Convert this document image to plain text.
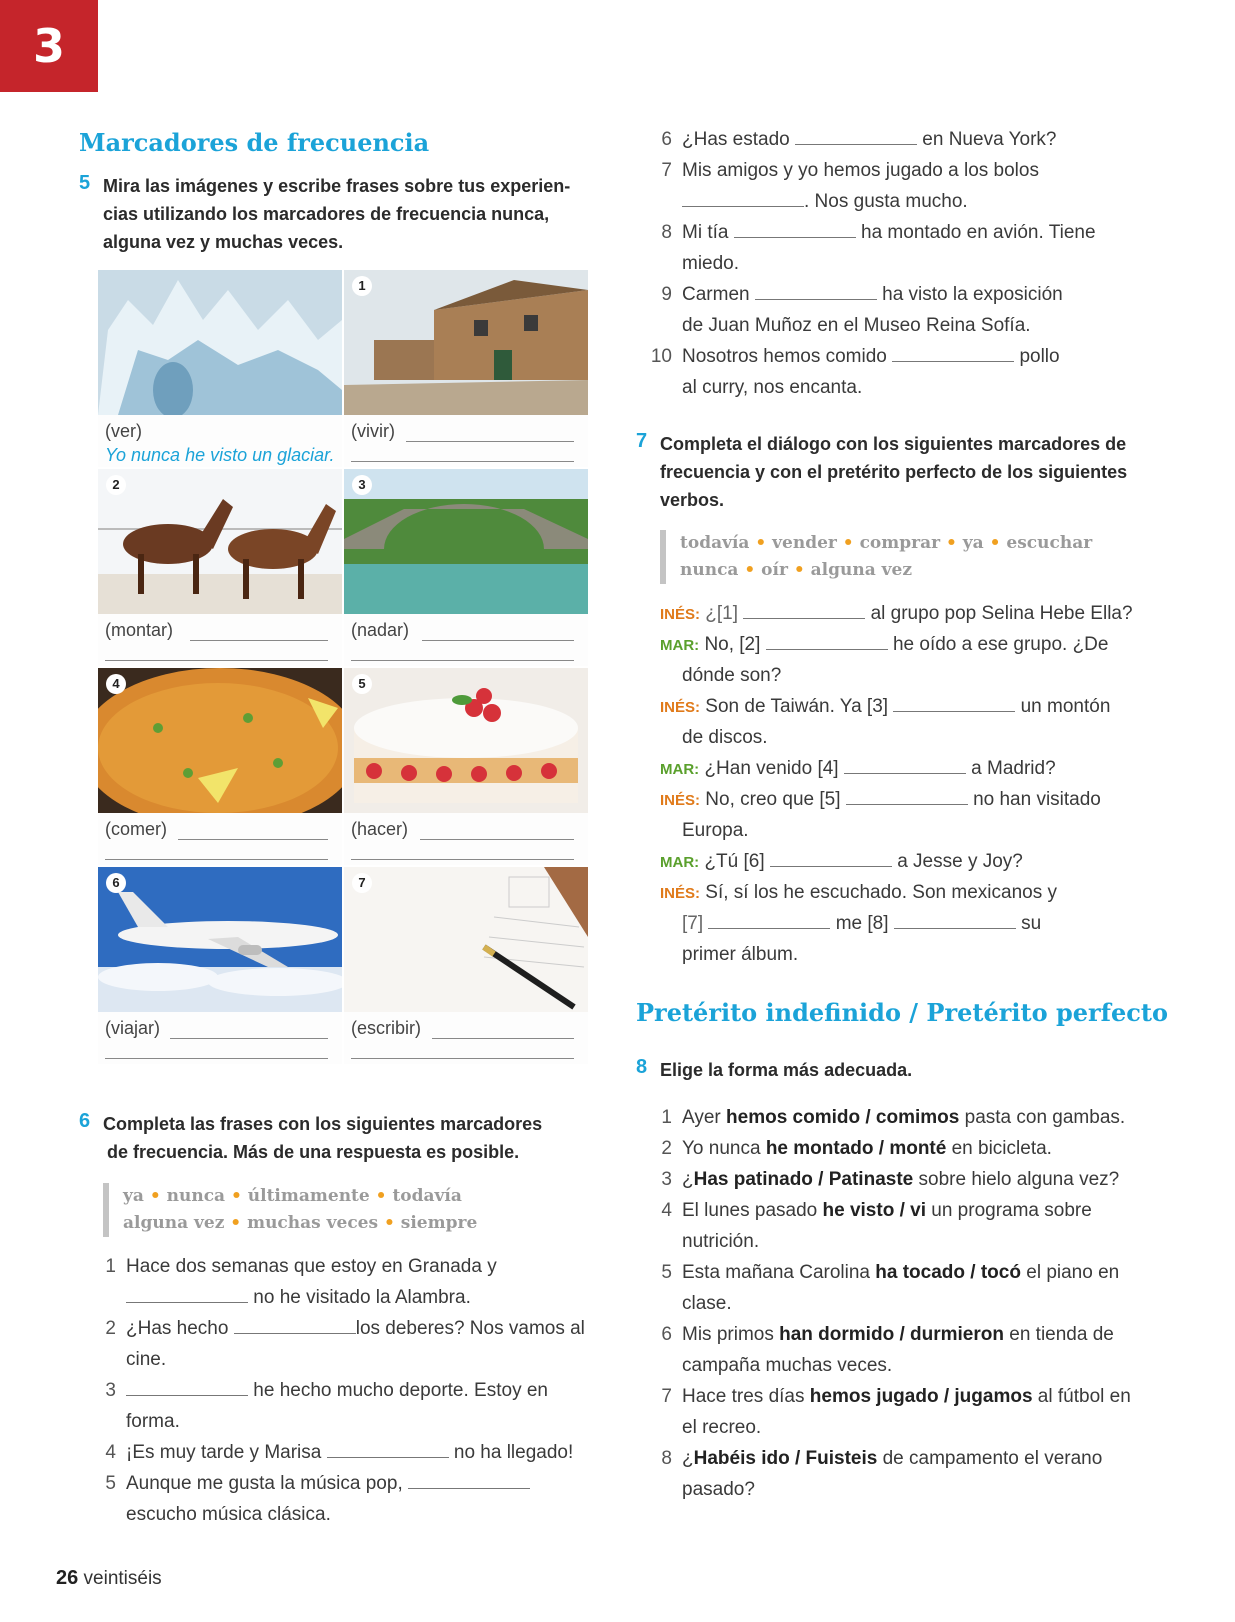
3
Marcadores de frecuencia
5 Mira las imágenes y escribe frases sobre tus experien-
cias utilizando los marcadores de frecuencia nunca,
alguna vez y muchas veces.
(ver)
Yo nunca he visto un glaciar.
1
(vivir)
2
(montar)
3
(nadar)
4
(comer)
5
(hacer)
6
(viajar)
7
(escribir)
6 Completa las frases con los siguientes marcadores
de frecuencia. Más de una respuesta es posible.
ya • nunca • últimamente • todavía
alguna vez • muchas veces • siempre
1 Hace dos semanas que estoy en Granada y
no he visitado la Alambra.
2 ¿Has hecho	los deberes? Nos vamos al
cine.
3	he hecho mucho deporte. Estoy en
forma.
4 ¡Es muy tarde y Marisa	no ha llegado!
5 Aunque me gusta la música pop,
escucho música clásica.
26 veintiséis
6 ¿Has estado	en Nueva York?
7 Mis amigos y yo hemos jugado a los bolos
. Nos gusta mucho.
8 Mi tía	ha montado en avión. Tiene
miedo.
9 Carmen	ha visto la exposición
de Juan Muñoz en el Museo Reina Sofía.
10 Nosotros hemos comido	pollo
al curry, nos encanta.
7 Completa el diálogo con los siguientes marcadores de
frecuencia y con el pretérito perfecto de los siguientes
verbos.
todavía • vender • comprar • ya • escuchar
nunca • oír • alguna vez
INÉS: ¿[1]	al grupo pop Selina Hebe Ella?
MAR: No, [2]	he oído a ese grupo. ¿De
dónde son?
INÉS: Son de Taiwán. Ya [3]	un montón
de discos.
MAR: ¿Han venido [4]	a Madrid?
INÉS: No, creo que [5]	no han visitado
Europa.
MAR: ¿Tú [6]	a Jesse y Joy?
INÉS: Sí, sí los he escuchado. Son mexicanos y
[7]	me [8]	su
primer álbum.
Pretérito indefinido / Pretérito perfecto
8 Elige la forma más adecuada.
1 Ayer hemos comido / comimos pasta con gambas.
2 Yo nunca he montado / monté en bicicleta.
3 ¿Has patinado / Patinaste sobre hielo alguna vez?
4 El lunes pasado he visto / vi un programa sobre
nutrición.
5 Esta mañana Carolina ha tocado / tocó el piano en
clase.
6 Mis primos han dormido / durmieron en tienda de
campaña muchas veces.
7 Hace tres días hemos jugado / jugamos al fútbol en
el recreo.
8 ¿Habéis ido / Fuisteis de campamento el verano
pasado?
